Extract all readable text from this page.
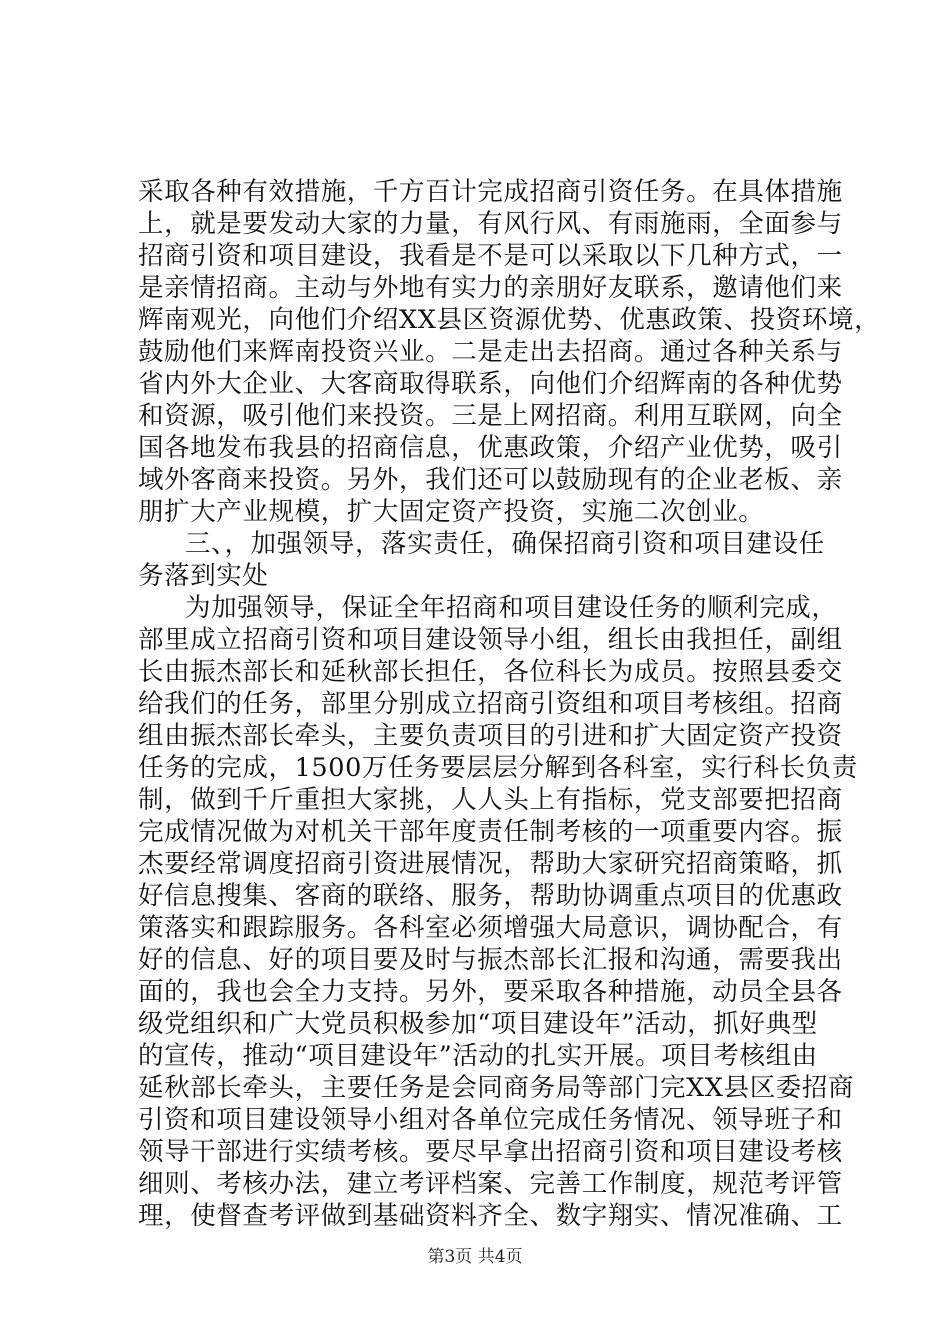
采取各种有效措施，千方百计完成招商引资任务。在具体措施
上，就是要发动大家的力量，有风行风、有雨施雨，全面参与
招商引资和项目建设，我看是不是可以采取以下几种方式，一
是亲情招商。主动与外地有实力的亲朋好友联系，邀请他们来
辉南观光，向他们介绍XX县区资源优势、优惠政策、投资环境，
鼓励他们来辉南投资兴业。二是走出去招商。通过各种关系与
省内外大企业、大客商取得联系，向他们介绍辉南的各种优势
和资源，吸引他们来投资。三是上网招商。利用互联网，向全
国各地发布我县的招商信息，优惠政策，介绍产业优势，吸引
域外客商来投资。另外，我们还可以鼓励现有的企业老板、亲
朋扩大产业规模，扩大固定资产投资，实施二次创业。
三、，加强领导，落实责任，确保招商引资和项目建设任
务落到实处
为加强领导，保证全年招商和项目建设任务的顺利完成，
部里成立招商引资和项目建设领导小组，组长由我担任，副组
长由振杰部长和延秋部长担任，各位科长为成员。按照县委交
给我们的任务，部里分别成立招商引资组和项目考核组。招商
组由振杰部长牵头，主要负责项目的引进和扩大固定资产投资
任务的完成，1500万任务要层层分解到各科室，实行科长负责
制，做到千斤重担大家挑，人人头上有指标，党支部要把招商
完成情况做为对机关干部年度责任制考核的一项重要内容。振
杰要经常调度招商引资进展情况，帮助大家研究招商策略，抓
好信息搜集、客商的联络、服务，帮助协调重点项目的优惠政
策落实和跟踪服务。各科室必须增强大局意识，调协配合，有
好的信息、好的项目要及时与振杰部长汇报和沟通，需要我出
面的，我也会全力支持。另外，要采取各种措施，动员全县各
级党组织和广大党员积极参加“项目建设年”活动，抓好典型
的宣传，推动“项目建设年”活动的扎实开展。项目考核组由
延秋部长牵头，主要任务是会同商务局等部门完XX县区委招商
引资和项目建设领导小组对各单位完成任务情况、领导班子和
领导干部进行实绩考核。要尽早拿出招商引资和项目建设考核
细则、考核办法，建立考评档案、完善工作制度，规范考评管
理，使督查考评做到基础资料齐全、数字翔实、情况准确、工
第3页 共4页
